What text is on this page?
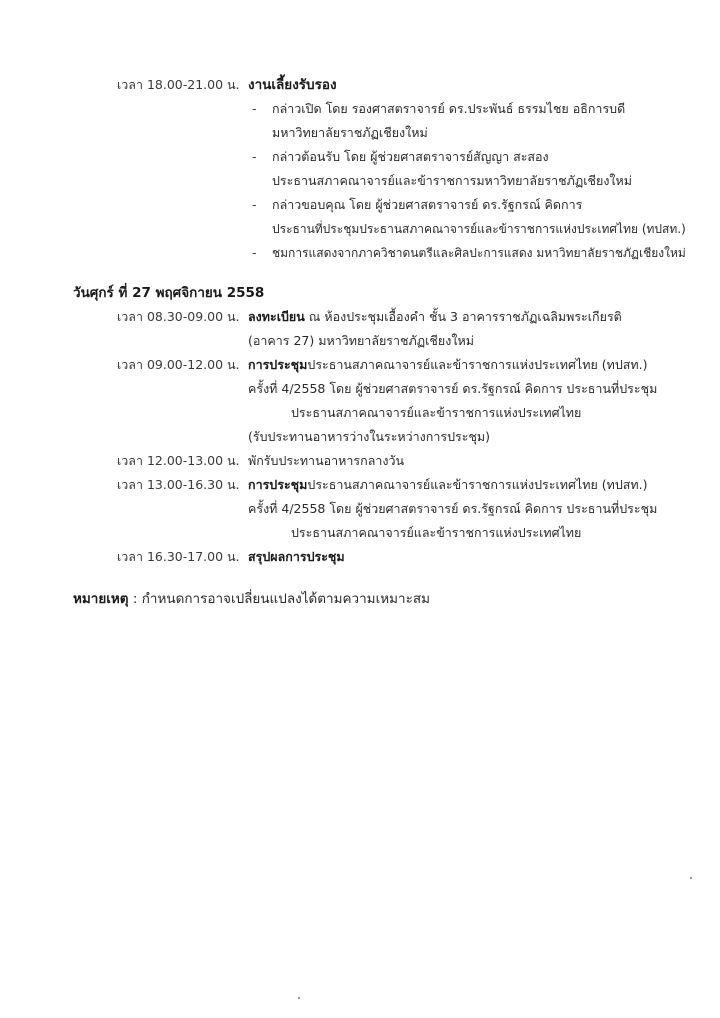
เวลา 18.00-21.00 น. งานเลี้ยงรับรอง
- กล่าวเปิด โดย รองศาสตราจารย์ ดร.ประพันธ์ ธรรมไชย อธิการบดี
มหาวิทยาลัยราชภัฏเชียงใหม่
- กล่าวต้อนรับ โดย ผู้ช่วยศาสตราจารย์สัญญา สะสอง
ประธานสภาคณาจารย์และข้าราชการมหาวิทยาลัยราชภัฏเชียงใหม่
- กล่าวขอบคุณ โดย ผู้ช่วยศาสตราจารย์ ดร.รัฐกรณ์ คิดการ
ประธานที่ประชุมประธานสภาคณาจารย์และข้าราชการแห่งประเทศไทย (ทปสท.)
- ชมการแสดงจากภาควิชาดนตรีและศิลปะการแสดง มหาวิทยาลัยราชภัฏเชียงใหม่
วันศุกร์ ที่ 27 พฤศจิกายน 2558
เวลา 08.30-09.00 น. ลงทะเบียน ณ ห้องประชุมเอื้องคำ ชั้น 3 อาคารราชภัฏเฉลิมพระเกียรติ
(อาคาร 27) มหาวิทยาลัยราชภัฏเชียงใหม่
เวลา 09.00-12.00 น. การประชุมประธานสภาคณาจารย์และข้าราชการแห่งประเทศไทย (ทปสท.)
ครั้งที่ 4/2558 โดย ผู้ช่วยศาสตราจารย์ ดร.รัฐกรณ์ คิดการ ประธานที่ประชุม
ประธานสภาคณาจารย์และข้าราชการแห่งประเทศไทย
(รับประทานอาหารว่างในระหว่างการประชุม)
เวลา 12.00-13.00 น. พักรับประทานอาหารกลางวัน
เวลา 13.00-16.30 น. การประชุมประธานสภาคณาจารย์และข้าราชการแห่งประเทศไทย (ทปสท.)
ครั้งที่ 4/2558 โดย ผู้ช่วยศาสตราจารย์ ดร.รัฐกรณ์ คิดการ ประธานที่ประชุม
ประธานสภาคณาจารย์และข้าราชการแห่งประเทศไทย
เวลา 16.30-17.00 น. สรุปผลการประชุม
หมายเหตุ : กำหนดการอาจเปลี่ยนแปลงได้ตามความเหมาะสม
